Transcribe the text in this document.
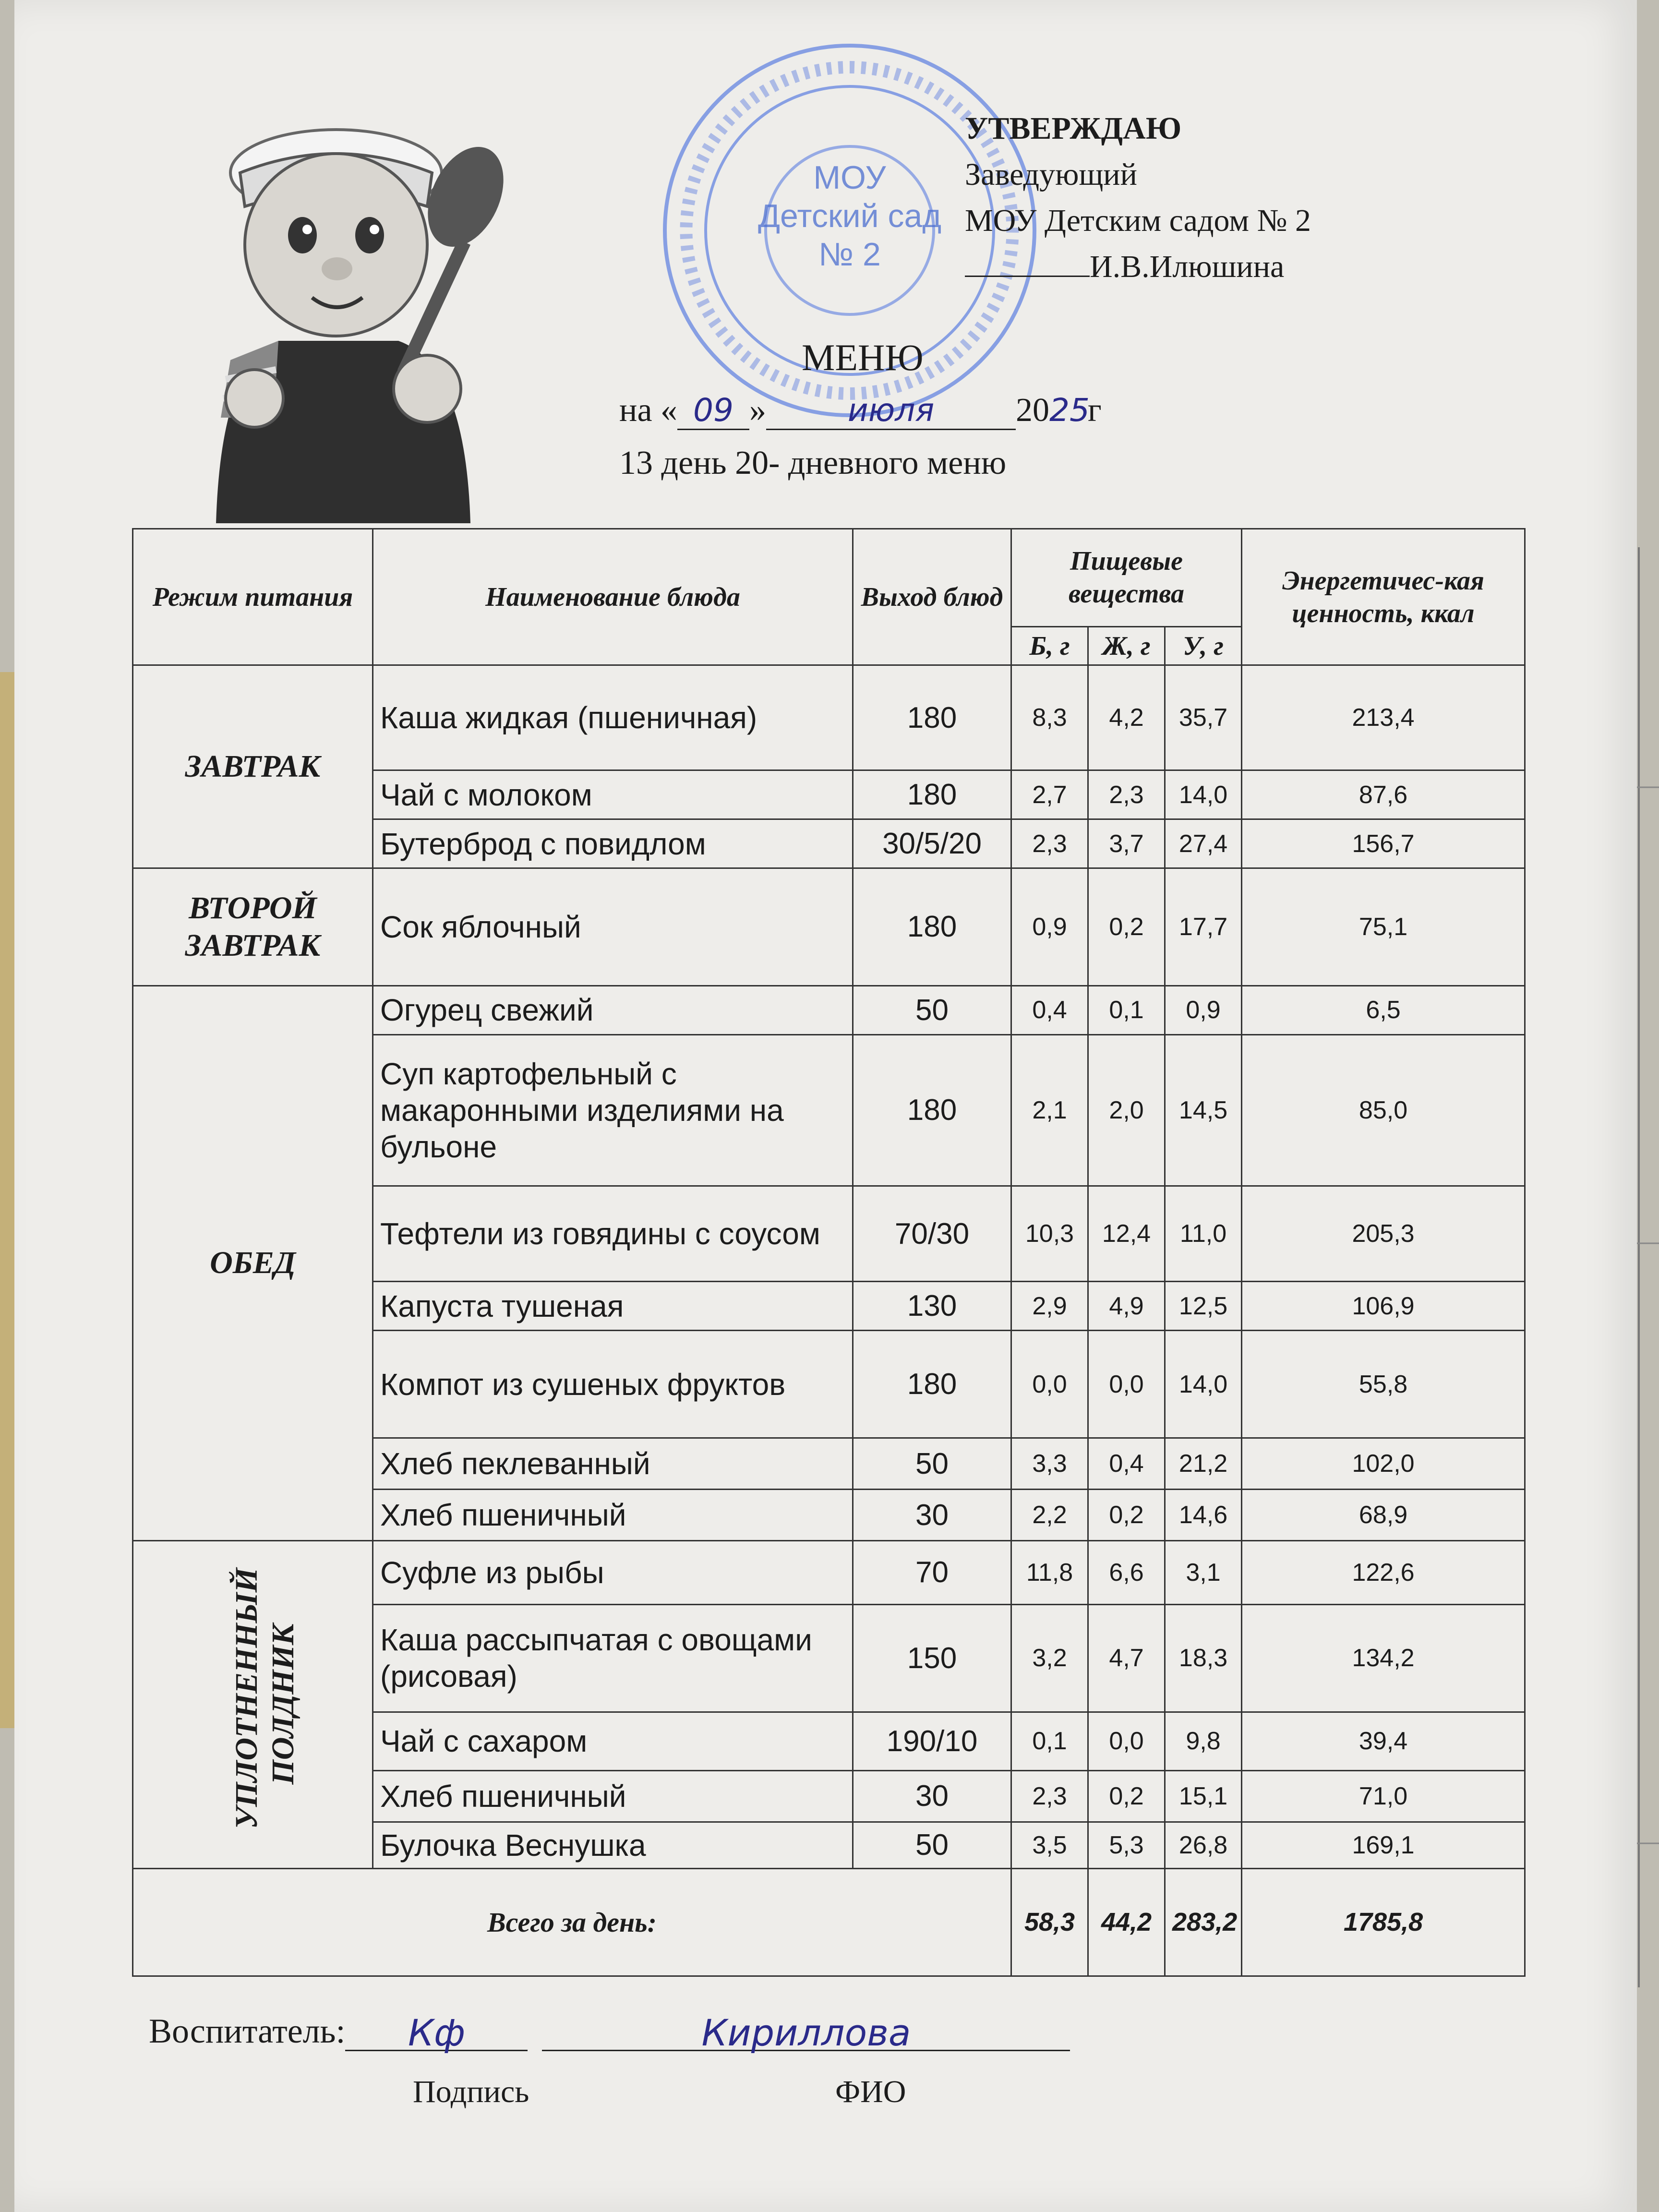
МОУ
Детский сад
№ 2
УТВЕРЖДАЮ
Заведующий
МОУ Детским садом № 2
И.В.Илюшина
МЕНЮ
на « 09 »	июля 2025г
13 день 20- дневного меню
Режим питания	Наименование блюда	Выход блюд	Пищевые вещества			Энергетичес-кая ценность, ккал
			Б, г	Ж, г	У, г	
ЗАВТРАК	Каша жидкая (пшеничная)	180	8,3	4,2	35,7	213,4
	Чай с молоком	180	2,7	2,3	14,0	87,6
	Бутерброд с повидлом	30/5/20	2,3	3,7	27,4	156,7
ВТОРОЙ ЗАВТРАК	Сок яблочный	180	0,9	0,2	17,7	75,1
ОБЕД	Огурец свежий	50	0,4	0,1	0,9	6,5
	Суп картофельный с макаронными изделиями на бульоне	180	2,1	2,0	14,5	85,0
	Тефтели из говядины с соусом	70/30	10,3	12,4	11,0	205,3
	Капуста тушеная	130	2,9	4,9	12,5	106,9
	Компот из сушеных фруктов	180	0,0	0,0	14,0	55,8
	Хлеб пеклеванный	50	3,3	0,4	21,2	102,0
	Хлеб пшеничный	30	2,2	0,2	14,6	68,9
УПЛОТНЕННЫЙ ПОЛДНИК	Суфле из рыбы	70	11,8	6,6	3,1	122,6
	Каша рассыпчатая с овощами (рисовая)	150	3,2	4,7	18,3	134,2
	Чай с сахаром	190/10	0,1	0,0	9,8	39,4
	Хлеб пшеничный	30	2,3	0,2	15,1	71,0
	Булочка Веснушка	50	3,5	5,3	26,8	169,1
Всего за день:			58,3	44,2	283,2	1785,8
Воспитатель: Кф	Кириллова
Подпись	ФИО
